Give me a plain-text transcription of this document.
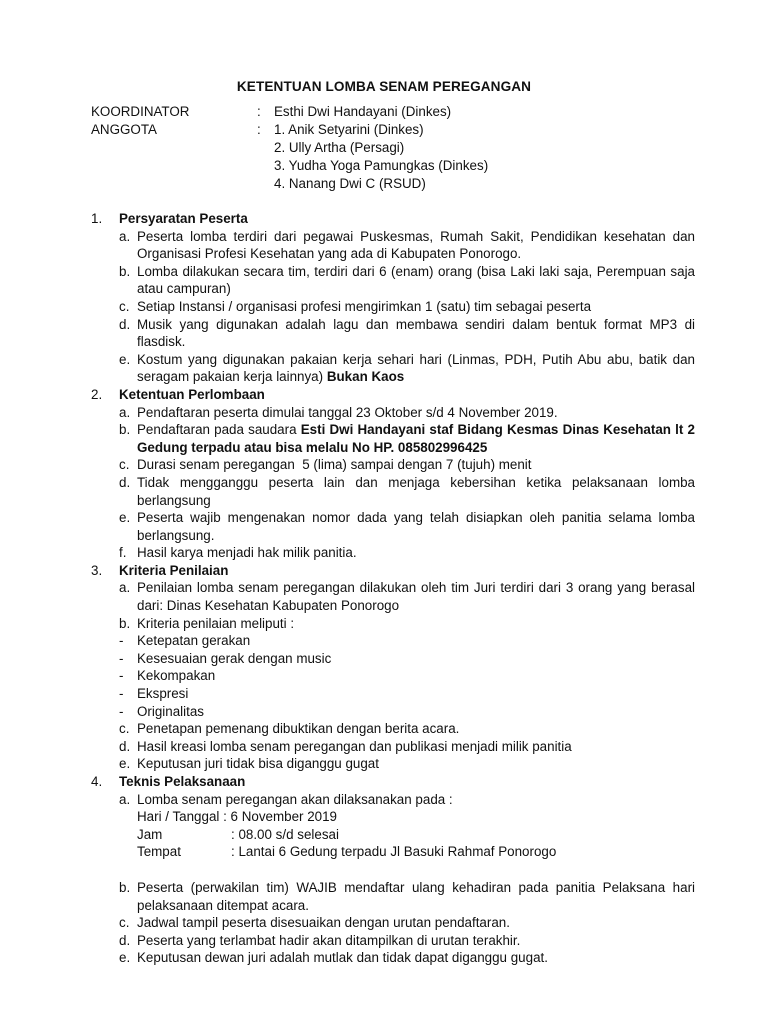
KETENTUAN LOMBA SENAM PEREGANGAN
KOORDINATOR	: Esthi Dwi Handayani (Dinkes)
ANGGOTA	: 1. Anik Setyarini (Dinkes)
2. Ully Artha (Persagi)
3. Yudha Yoga Pamungkas (Dinkes)
4. Nanang Dwi C (RSUD)
1.	Persyaratan Peserta
a. Peserta lomba terdiri dari pegawai Puskesmas, Rumah Sakit, Pendidikan kesehatan dan Organisasi Profesi Kesehatan yang ada di Kabupaten Ponorogo.
b. Lomba dilakukan secara tim, terdiri dari 6 (enam) orang (bisa Laki laki saja, Perempuan saja atau campuran)
c. Setiap Instansi / organisasi profesi mengirimkan 1 (satu) tim sebagai peserta
d. Musik yang digunakan adalah lagu dan membawa sendiri dalam bentuk format MP3 di flasdisk.
e. Kostum yang digunakan pakaian kerja sehari hari (Linmas, PDH, Putih Abu abu, batik dan seragam pakaian kerja lainnya) Bukan Kaos
2.	Ketentuan Perlombaan
a. Pendaftaran peserta dimulai tanggal 23 Oktober s/d 4 November 2019.
b. Pendaftaran pada saudara Esti Dwi Handayani staf Bidang Kesmas Dinas Kesehatan lt 2 Gedung terpadu atau bisa melalu No HP. 085802996425
c. Durasi senam peregangan  5 (lima) sampai dengan 7 (tujuh) menit
d. Tidak mengganggu peserta lain dan menjaga kebersihan ketika pelaksanaan lomba berlangsung
e. Peserta wajib mengenakan nomor dada yang telah disiapkan oleh panitia selama lomba berlangsung.
f. Hasil karya menjadi hak milik panitia.
3.	Kriteria Penilaian
a. Penilaian lomba senam peregangan dilakukan oleh tim Juri terdiri dari 3 orang yang berasal dari: Dinas Kesehatan Kabupaten Ponorogo
b. Kriteria penilaian meliputi :
-	Ketepatan gerakan
-	Kesesuaian gerak dengan music
-	Kekompakan
-	Ekspresi
-	Originalitas
c. Penetapan pemenang dibuktikan dengan berita acara.
d. Hasil kreasi lomba senam peregangan dan publikasi menjadi milik panitia
e. Keputusan juri tidak bisa diganggu gugat
4.	Teknis Pelaksanaan
a. Lomba senam peregangan akan dilaksanakan pada :
Hari / Tanggal : 6 November 2019
Jam	: 08.00 s/d selesai
Tempat	: Lantai 6 Gedung terpadu Jl Basuki Rahmaf Ponorogo
b. Peserta (perwakilan tim) WAJIB mendaftar ulang kehadiran pada panitia Pelaksana hari pelaksanaan ditempat acara.
c. Jadwal tampil peserta disesuaikan dengan urutan pendaftaran.
d. Peserta yang terlambat hadir akan ditampilkan di urutan terakhir.
e. Keputusan dewan juri adalah mutlak dan tidak dapat diganggu gugat.
